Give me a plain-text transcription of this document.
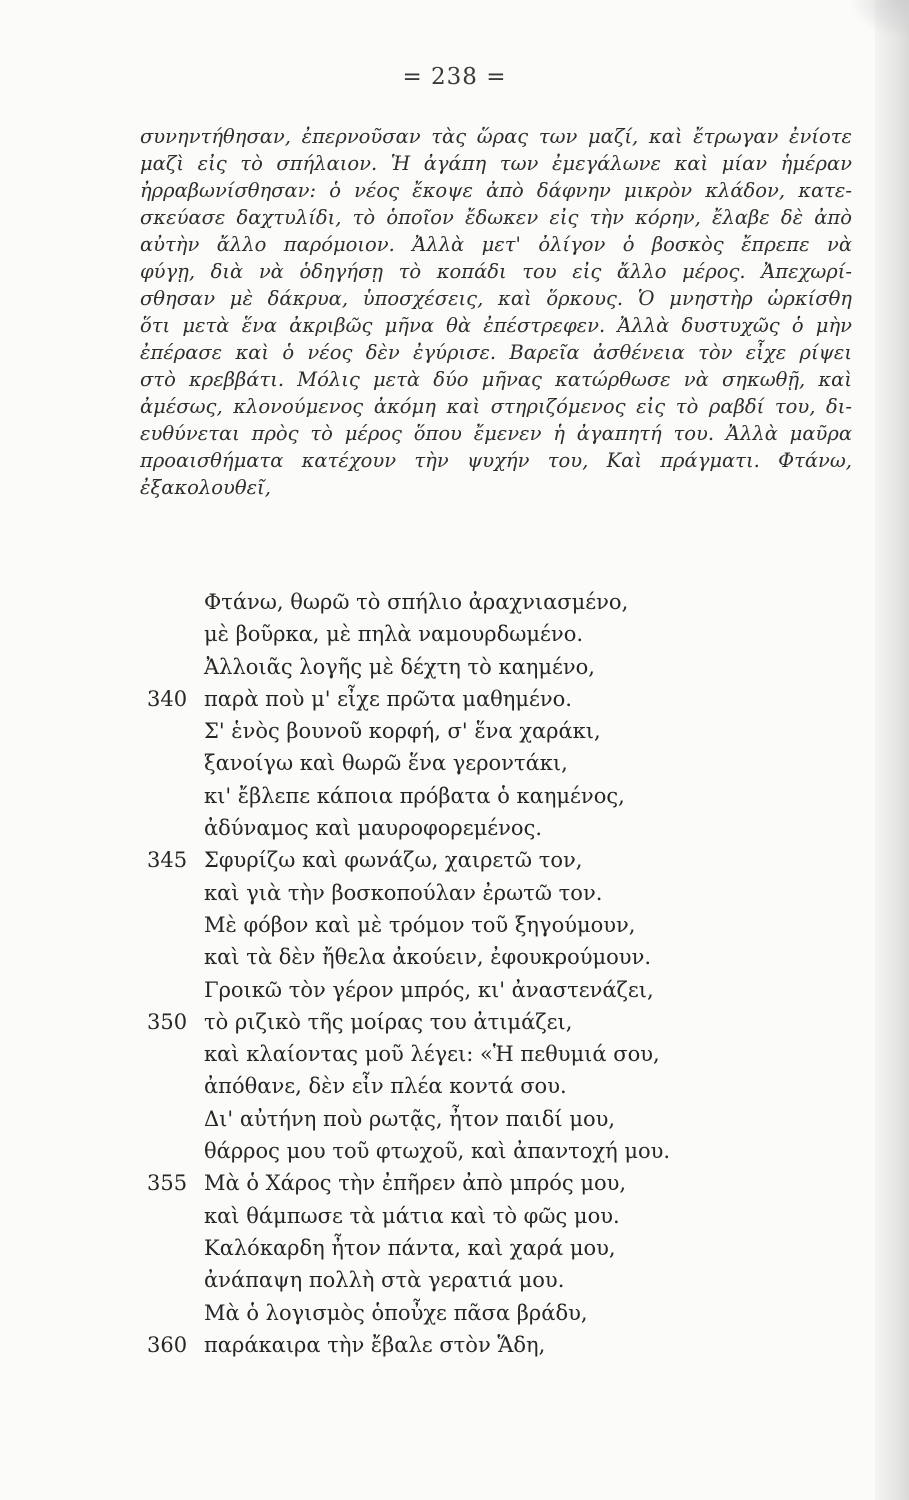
= 238 =
συνηντήθησαν, ἐπερνοῦσαν τὰς ὥρας των μαζί, καὶ ἔτρωγαν ἐνίοτε
μαζὶ εἰς τὸ σπήλαιον. Ἡ ἀγάπη των ἐμεγάλωνε καὶ μίαν ἡμέραν
ἠρραβωνίσθησαν: ὁ νέος ἔκοψε ἀπὸ δάφνην μικρὸν κλάδον, κατε-
σκεύασε δαχτυλίδι, τὸ ὁποῖον ἔδωκεν εἰς τὴν κόρην, ἔλαβε δὲ ἀπὸ
αὐτὴν ἄλλο παρόμοιον. Ἀλλὰ μετ' ὀλίγον ὁ βοσκὸς ἔπρεπε νὰ
φύγῃ, διὰ νὰ ὁδηγήσῃ τὸ κοπάδι του εἰς ἄλλο μέρος. Ἀπεχωρί-
σθησαν μὲ δάκρυα, ὑποσχέσεις, καὶ ὅρκους. Ὁ μνηστὴρ ὡρκίσθη
ὅτι μετὰ ἕνα ἀκριβῶς μῆνα θὰ ἐπέστρεφεν. Ἀλλὰ δυστυχῶς ὁ μὴν
ἐπέρασε καὶ ὁ νέος δὲν ἐγύρισε. Βαρεῖα ἀσθένεια τὸν εἶχε ρίψει
στὸ κρεββάτι. Μόλις μετὰ δύο μῆνας κατώρθωσε νὰ σηκωθῇ, καὶ
ἀμέσως, κλονούμενος ἀκόμη καὶ στηριζόμενος εἰς τὸ ραβδί του, δι-
ευθύνεται πρὸς τὸ μέρος ὅπου ἔμενεν ἡ ἀγαπητή του. Ἀλλὰ μαῦρα
προαισθήματα κατέχουν τὴν ψυχήν του, Καὶ πράγματι. Φτάνω,
ἐξακολουθεῖ,
Φτάνω, θωρῶ τὸ σπήλιο ἀραχνιασμένο,
μὲ βοῦρκα, μὲ πηλὰ ναμουρδωμένο.
Ἀλλοιᾶς λογῆς μὲ δέχτη τὸ καημένο,
340 παρὰ ποὺ μ' εἶχε πρῶτα μαθημένο.
Σ' ἑνὸς βουνοῦ κορφή, σ' ἕνα χαράκι,
ξανοίγω καὶ θωρῶ ἕνα γεροντάκι,
κι' ἔβλεπε κάποια πρόβατα ὁ καημένος,
ἀδύναμος καὶ μαυροφορεμένος.
345 Σφυρίζω καὶ φωνάζω, χαιρετῶ τον,
καὶ γιὰ τὴν βοσκοπούλαν ἐρωτῶ τον.
Μὲ φόβον καὶ μὲ τρόμον τοῦ ξηγούμουν,
καὶ τὰ δὲν ἤθελα ἀκούειν, ἐφουκρούμουν.
Γροικῶ τὸν γέρον μπρός, κι' ἀναστενάζει,
350 τὸ ριζικὸ τῆς μοίρας του ἀτιμάζει,
καὶ κλαίοντας μοῦ λέγει: «Ἡ πεθυμιά σου,
ἀπόθανε, δὲν εἶν πλέα κοντά σου.
Δι' αὐτήνη ποὺ ρωτᾷς, ἦτον παιδί μου,
θάρρος μου τοῦ φτωχοῦ, καὶ ἀπαντοχή μου.
355 Μὰ ὁ Χάρος τὴν ἐπῆρεν ἀπὸ μπρός μου,
καὶ θάμπωσε τὰ μάτια καὶ τὸ φῶς μου.
Καλόκαρδη ἦτον πάντα, καὶ χαρά μου,
ἀνάπαψη πολλὴ στὰ γερατιά μου.
Μὰ ὁ λογισμὸς ὁποὖχε πᾶσα βράδυ,
360 παράκαιρα τὴν ἔβαλε στὸν Ἅδη,
